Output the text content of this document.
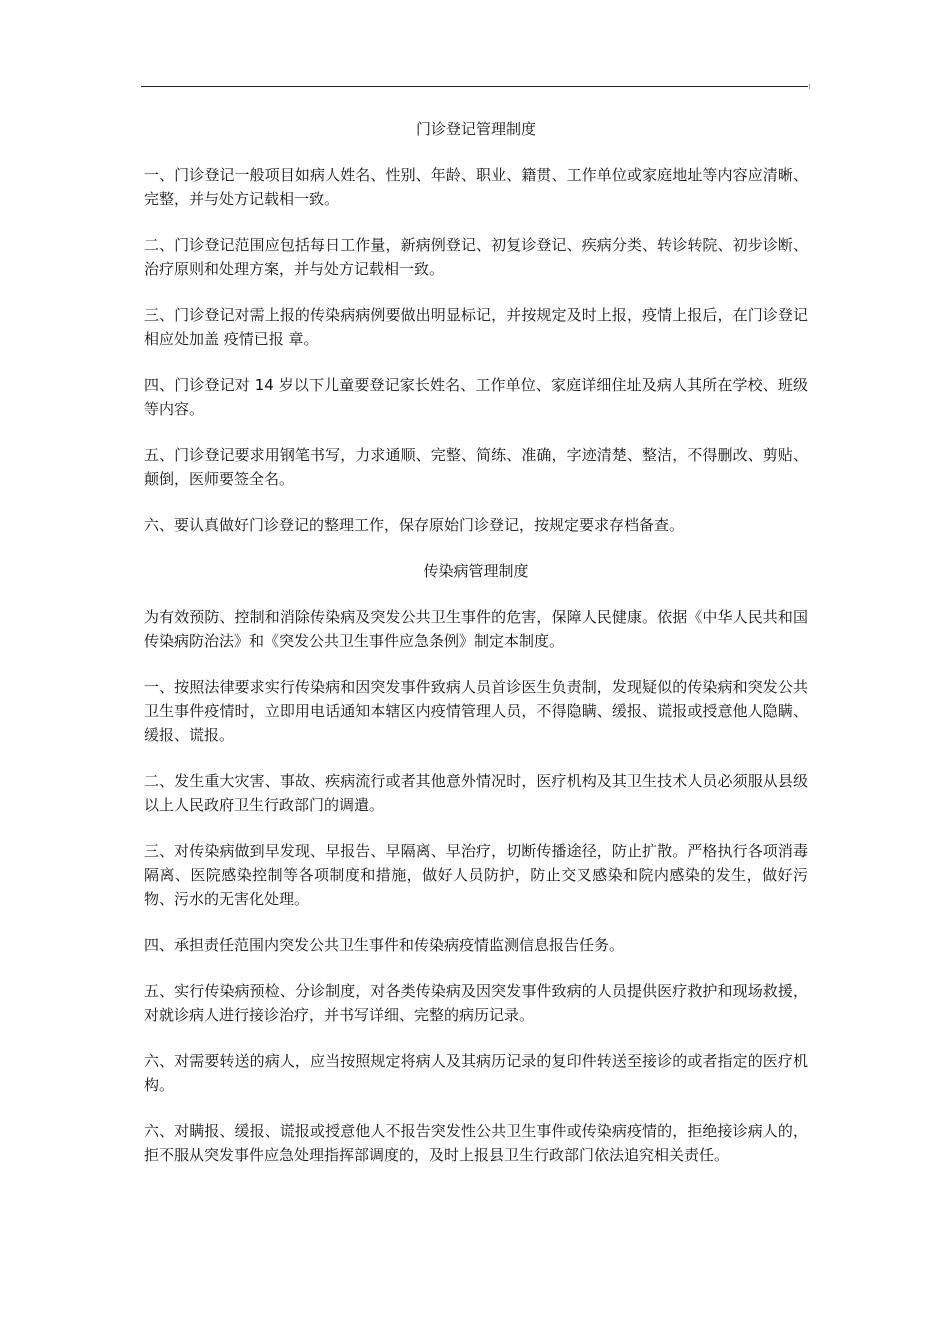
门诊登记管理制度

一、门诊登记一般项目如病人姓名、性别、年龄、职业、籍贯、工作单位或家庭地址等内容应清晰、完整，并与处方记载相一致。

二、门诊登记范围应包括每日工作量，新病例登记、初复诊登记、疾病分类、转诊转院、初步诊断、治疗原则和处理方案，并与处方记载相一致。

三、门诊登记对需上报的传染病病例要做出明显标记，并按规定及时上报，疫情上报后，在门诊登记相应处加盖 疫情已报 章。

四、门诊登记对 14 岁以下儿童要登记家长姓名、工作单位、家庭详细住址及病人其所在学校、班级等内容。

五、门诊登记要求用钢笔书写，力求通顺、完整、简练、准确，字迹清楚、整洁，不得删改、剪贴、颠倒，医师要签全名。

六、要认真做好门诊登记的整理工作，保存原始门诊登记，按规定要求存档备查。

传染病管理制度

为有效预防、控制和消除传染病及突发公共卫生事件的危害，保障人民健康。依据《中华人民共和国传染病防治法》和《突发公共卫生事件应急条例》制定本制度。

一、按照法律要求实行传染病和因突发事件致病人员首诊医生负责制，发现疑似的传染病和突发公共卫生事件疫情时，立即用电话通知本辖区内疫情管理人员，不得隐瞒、缓报、谎报或授意他人隐瞒、缓报、谎报。

二、发生重大灾害、事故、疾病流行或者其他意外情况时，医疗机构及其卫生技术人员必须服从县级以上人民政府卫生行政部门的调遣。

三、对传染病做到早发现、早报告、早隔离、早治疗，切断传播途径，防止扩散。严格执行各项消毒隔离、医院感染控制等各项制度和措施，做好人员防护，防止交叉感染和院内感染的发生，做好污物、污水的无害化处理。

四、承担责任范围内突发公共卫生事件和传染病疫情监测信息报告任务。

五、实行传染病预检、分诊制度，对各类传染病及因突发事件致病的人员提供医疗救护和现场救援，对就诊病人进行接诊治疗，并书写详细、完整的病历记录。

六、对需要转送的病人，应当按照规定将病人及其病历记录的复印件转送至接诊的或者指定的医疗机构。

六、对瞒报、缓报、谎报或授意他人不报告突发性公共卫生事件或传染病疫情的，拒绝接诊病人的，拒不服从突发事件应急处理指挥部调度的，及时上报县卫生行政部门依法追究相关责任。
